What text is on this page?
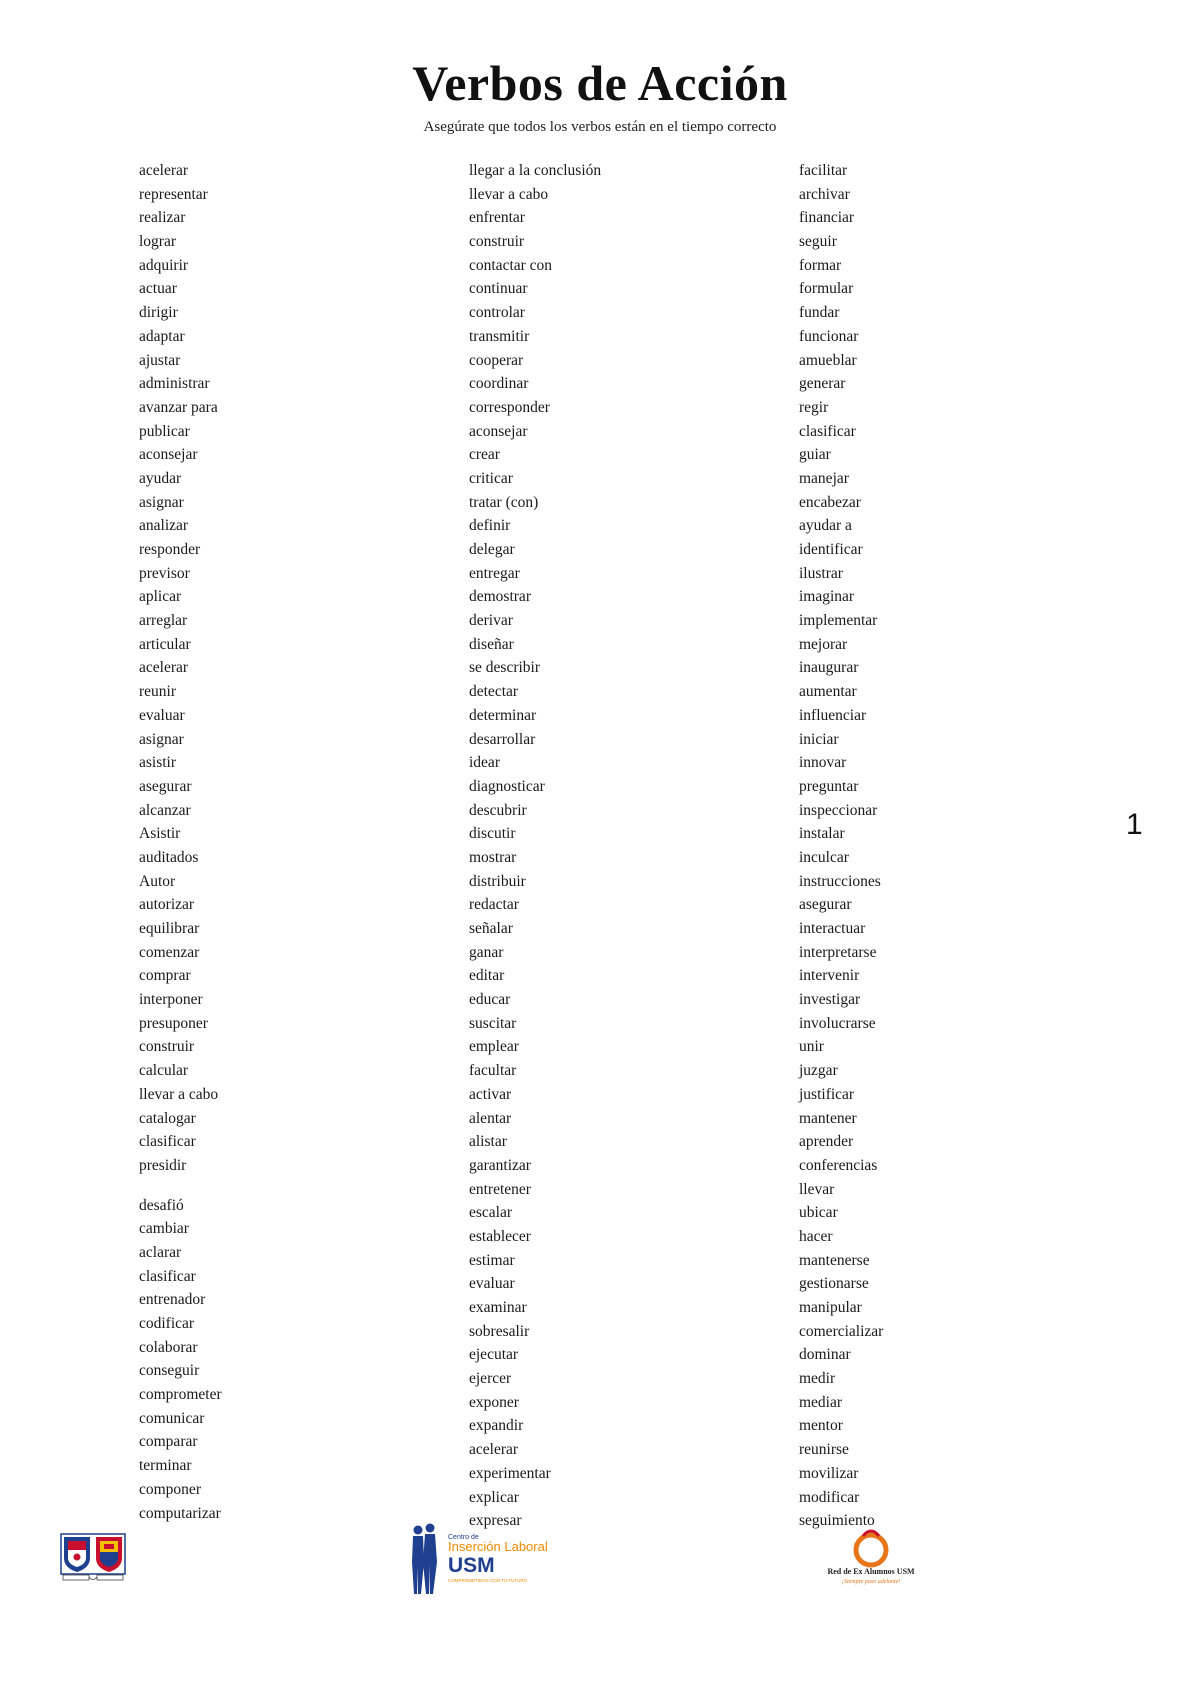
Verbos de Acción
Asegúrate que todos los verbos están en el tiempo correcto
acelerar
representar
realizar
lograr
adquirir
actuar
dirigir
adaptar
ajustar
administrar
avanzar para
publicar
aconsejar
ayudar
asignar
analizar
responder
previsor
aplicar
arreglar
articular
acelerar
reunir
evaluar
asignar
asistir
asegurar
alcanzar
Asistir
auditados
Autor
autorizar
equilibrar
comenzar
comprar
interponer
presuponer
construir
calcular
llevar a cabo
catalogar
clasificar
presidir
desafió
cambiar
aclarar
clasificar
entrenador
codificar
colaborar
conseguir
comprometer
comunicar
comparar
terminar
componer
computarizar
llegar a la conclusión
llevar a cabo
enfrentar
construir
contactar con
continuar
controlar
transmitir
cooperar
coordinar
corresponder
aconsejar
crear
criticar
tratar (con)
definir
delegar
entregar
demostrar
derivar
diseñar
se describir
detectar
determinar
desarrollar
idear
diagnosticar
descubrir
discutir
mostrar
distribuir
redactar
señalar
ganar
editar
educar
suscitar
emplear
facultar
activar
alentar
alistar
garantizar
entretener
escalar
establecer
estimar
evaluar
examinar
sobresalir
ejecutar
ejercer
exponer
expandir
acelerar
experimentar
explicar
expresar
facilitar
archivar
financiar
seguir
formar
formular
fundar
funcionar
amueblar
generar
regir
clasificar
guiar
manejar
encabezar
ayudar a
identificar
ilustrar
imaginar
implementar
mejorar
inaugurar
aumentar
influenciar
iniciar
innovar
preguntar
inspeccionar
instalar
inculcar
instrucciones
asegurar
interactuar
interpretarse
intervenir
investigar
involucrarse
unir
juzgar
justificar
mantener
aprender
conferencias
llevar
ubicar
hacer
mantenerse
gestionarse
manipular
comercializar
dominar
medir
mediar
mentor
reunirse
movilizar
modificar
seguimiento
1
Centro de
Inserción Laboral
USM
COMPROMETIDOS CON TU FUTURO
Red de Ex Alumnos USM
¡Siempre paso adelante!
